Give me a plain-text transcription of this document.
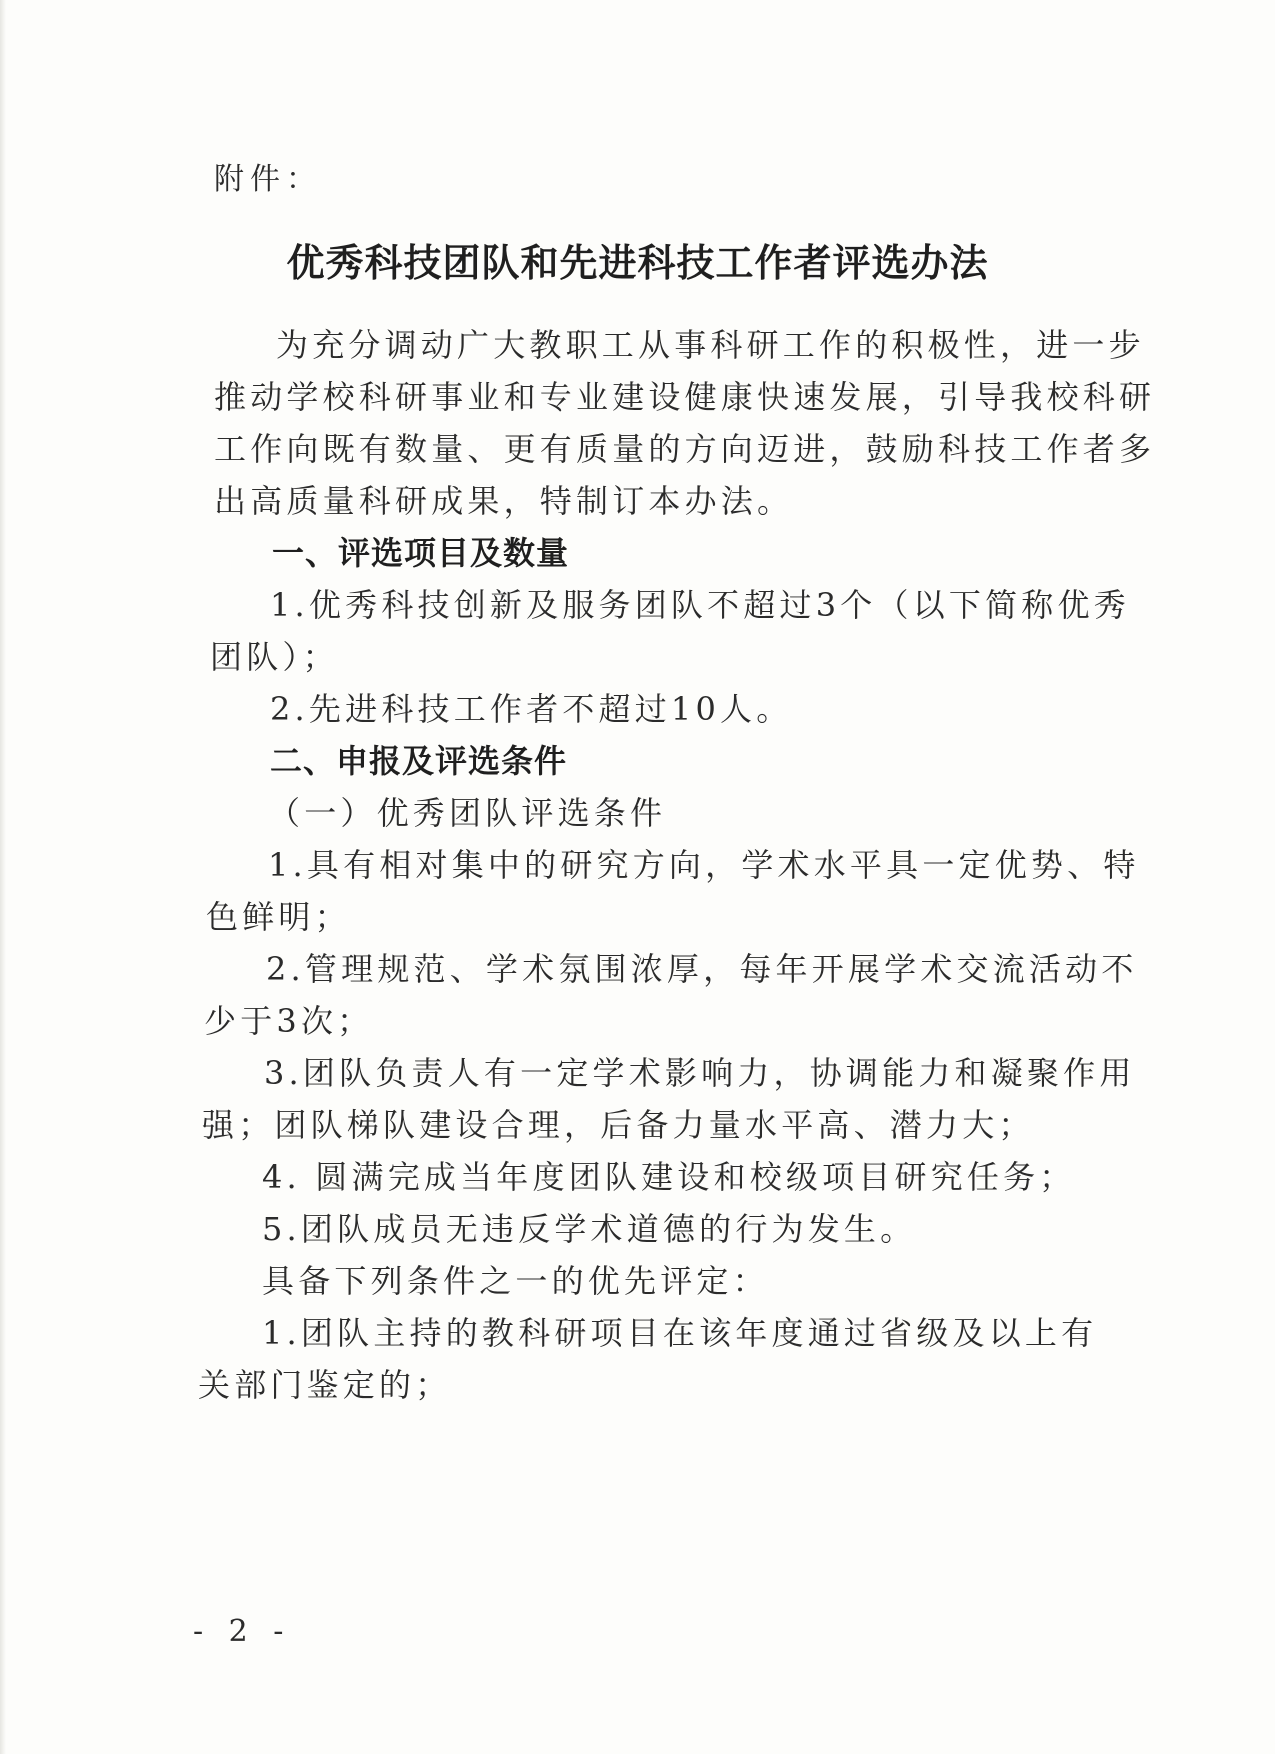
附件：
优秀科技团队和先进科技工作者评选办法
为充分调动广大教职工从事科研工作的积极性，进一步
推动学校科研事业和专业建设健康快速发展，引导我校科研
工作向既有数量、更有质量的方向迈进，鼓励科技工作者多
出高质量科研成果，特制订本办法。
一、评选项目及数量
1.优秀科技创新及服务团队不超过3个（以下简称优秀
团队）；
2.先进科技工作者不超过10人。
二、申报及评选条件
（一）优秀团队评选条件
1.具有相对集中的研究方向，学术水平具一定优势、特
色鲜明；
2.管理规范、学术氛围浓厚，每年开展学术交流活动不
少于3次；
3.团队负责人有一定学术影响力，协调能力和凝聚作用
强；团队梯队建设合理，后备力量水平高、潜力大；
4. 圆满完成当年度团队建设和校级项目研究任务；
5.团队成员无违反学术道德的行为发生。
具备下列条件之一的优先评定：
1.团队主持的教科研项目在该年度通过省级及以上有
关部门鉴定的；
- 2 -
